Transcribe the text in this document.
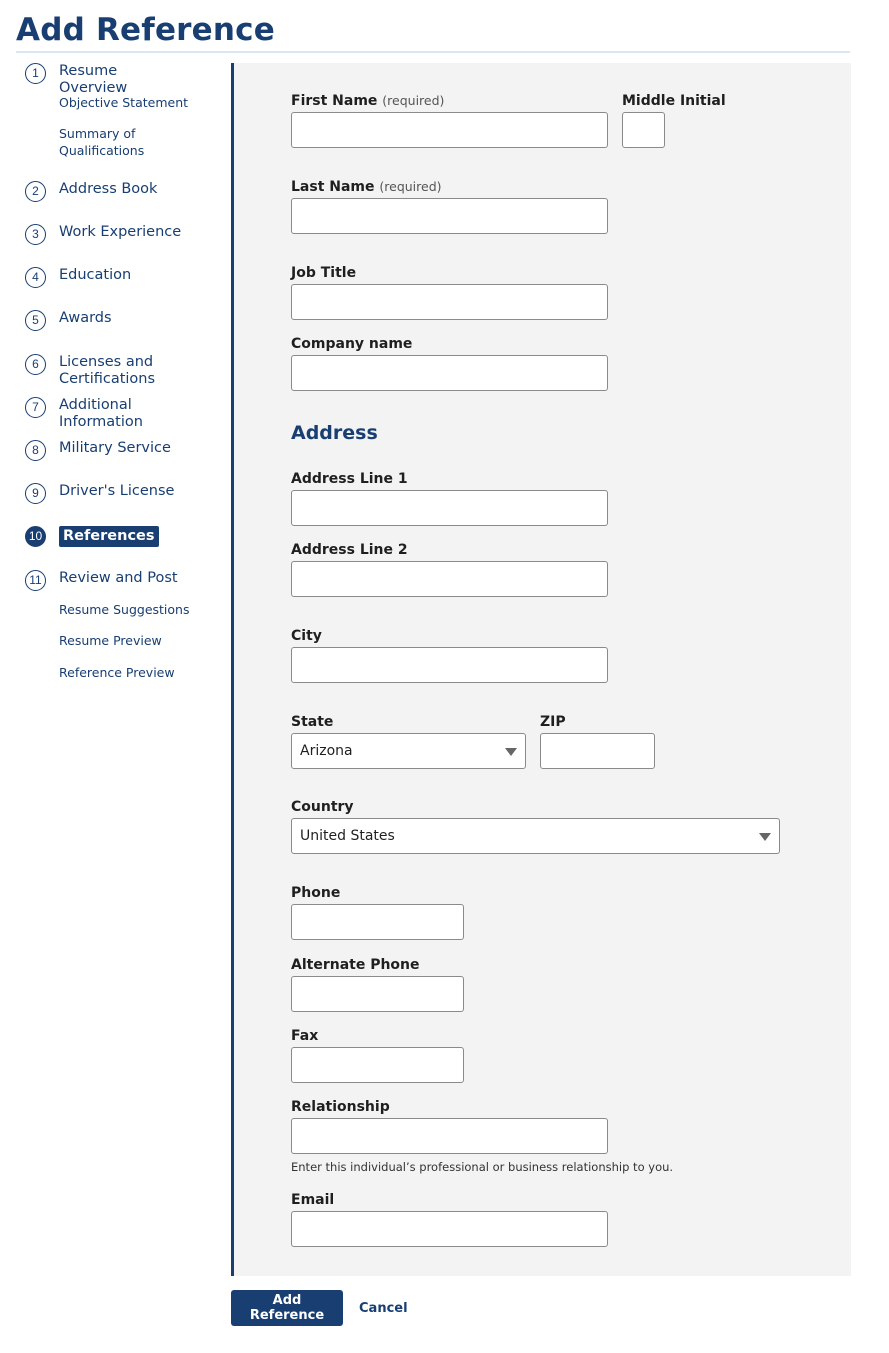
Add Reference
1	Resume Overview
Objective Statement
Summary of Qualifications
2	Address Book
3	Work Experience
4	Education
5	Awards
6	Licenses and Certifications
7	Additional Information
8	Military Service
9	Driver's License
10 References
11 Review and Post
Resume Suggestions
Resume Preview
Reference Preview
First Name (required)	Middle Initial
Last Name (required)
Job Title
Company name
Address
Address Line 1
Address Line 2
City
State
Arizona
ZIP
Country
United States
Phone
Alternate Phone
Fax
Relationship
Enter this individual’s professional or business relationship to you.
Email
Add Reference	Cancel
